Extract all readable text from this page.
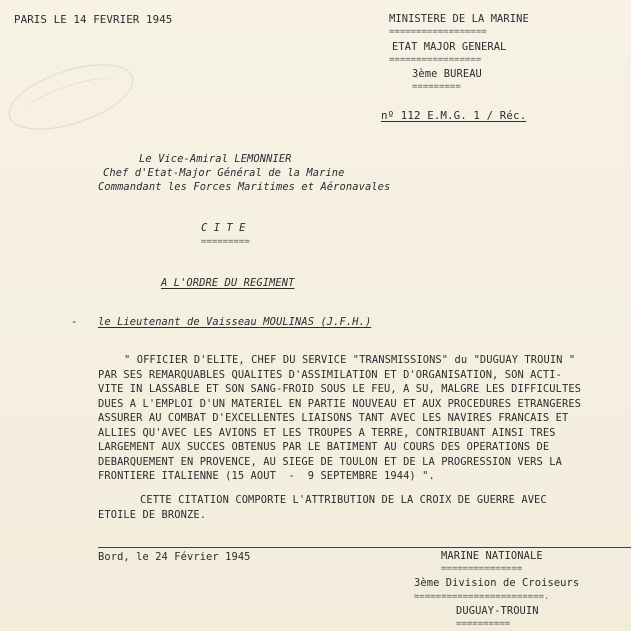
PARIS LE 14 FEVRIER 1945	MINISTERE DE LA MARINE
==================
ETAT MAJOR GENERAL
=================
3ème BUREAU
=========
nº 112 E.M.G. 1 / Réc.
Le Vice-Amiral LEMONNIER
Chef d'Etat-Major Général de la Marine
Commandant les Forces Maritimes et Aéronavales
C I T E
=========
A L'ORDRE DU REGIMENT
- le Lieutenant de Vaisseau MOULINAS (J.F.H.)
" OFFICIER D'ELITE, CHEF DU SERVICE "TRANSMISSIONS" du "DUGUAY TROUIN "
PAR SES REMARQUABLES QUALITES D'ASSIMILATION ET D'ORGANISATION, SON ACTI-
VITE IN LASSABLE ET SON SANG-FROID SOUS LE FEU, A SU, MALGRE LES DIFFICULTES
DUES A L'EMPLOI D'UN MATERIEL EN PARTIE NOUVEAU ET AUX PROCEDURES ETRANGERES
ASSURER AU COMBAT D'EXCELLENTES LIAISONS TANT AVEC LES NAVIRES FRANCAIS ET
ALLIES QU'AVEC LES AVIONS ET LES TROUPES A TERRE, CONTRIBUANT AINSI TRES
LARGEMENT AUX SUCCES OBTENUS PAR LE BATIMENT AU COURS DES OPERATIONS DE
DEBARQUEMENT EN PROVENCE, AU SIEGE DE TOULON ET DE LA PROGRESSION VERS LA
FRONTIERE ITALIENNE (15 AOUT  -  9 SEPTEMBRE 1944) ".
CETTE CITATION COMPORTE L'ATTRIBUTION DE LA CROIX DE GUERRE AVEC
ETOILE DE BRONZE.
Bord, le 24 Février 1945	MARINE NATIONALE
===============
3ème Division de Croiseurs
========================.
DUGUAY-TROUIN
==========
